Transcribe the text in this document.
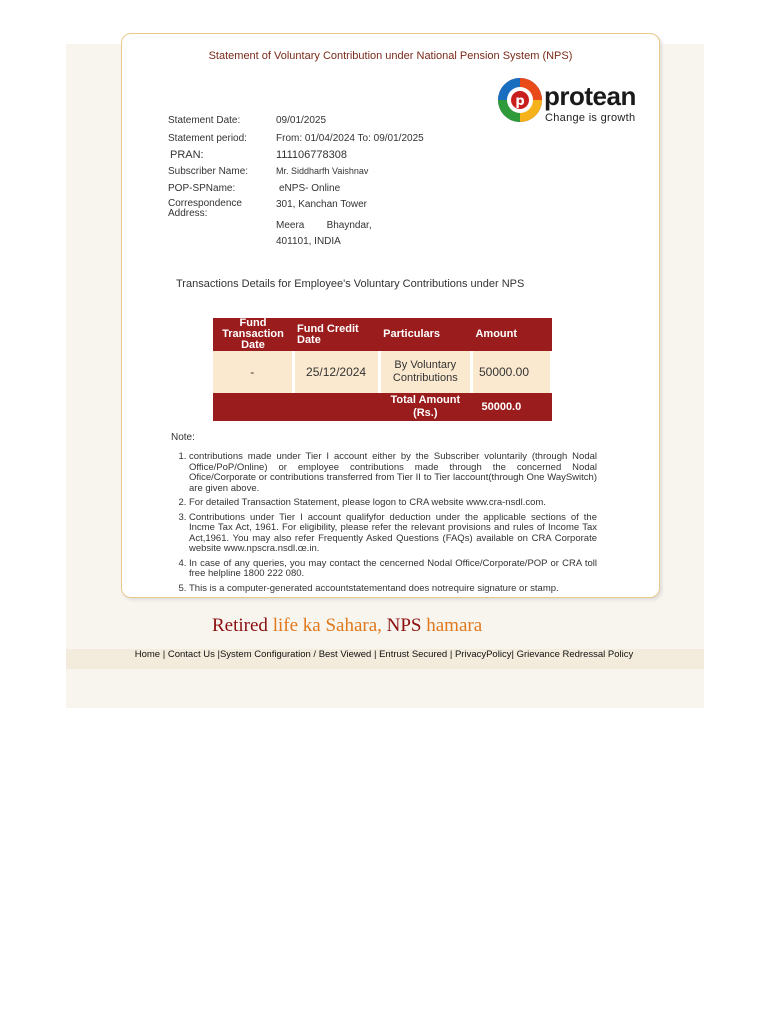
Statement of Voluntary Contribution under National Pension System (NPS)
p protean
Change is growth
Statement Date:	09/01/2025
Statement period:	From: 01/04/2024 To: 09/01/2025
PRAN:	111106778308
Subscriber Name:	Mr. Siddharfh Vaishnav
POP-SPName:	eNPS- Online
Correspondence Address:
301, Kanchan Tower
Meera        Bhayndar,
401101, INDIA
Transactions Details for Employee's Voluntary Contributions under NPS
Fund Transaction Date	Fund Credit Date	Particulars	Amount
-	25/12/2024	By Voluntary Contributions	50000.00
		Total Amount (Rs.)	50000.0
Note:
1. contributions made under Tier I account either by the Subscriber voluntarily (through Nodal Office/PoP/Online) or employee contributions made through the concerned Nodal Ofice/Corporate or contributions transferred from Tier II to Tier laccount(through One WaySwitch) are given above.
2. For detailed Transaction Statement, please logon to CRA website www.cra-nsdl.com.
3. Contributions under Tier I account qualifyfor deduction under the applicable sections of the Incme Tax Act, 1961. For eligibility, please refer the relevant provisions and rules of Income Tax Act,1961. You may also refer Frequently Asked Questions (FAQs) available on CRA Corporate website www.npscra.nsdl.œ.in.
4. In case of any queries, you may contact the cencerned Nodal Office/Corporate/POP or CRA toll free helpline 1800 222 080.
5. This is a computer-generated accountstatementand does notrequire signature or stamp.
Retired life ka Sahara, NPS hamara
Home | Contact Us |System Configuration / Best Viewed | Entrust Secured | PrivacyPolicy| Grievance Redressal Policy
